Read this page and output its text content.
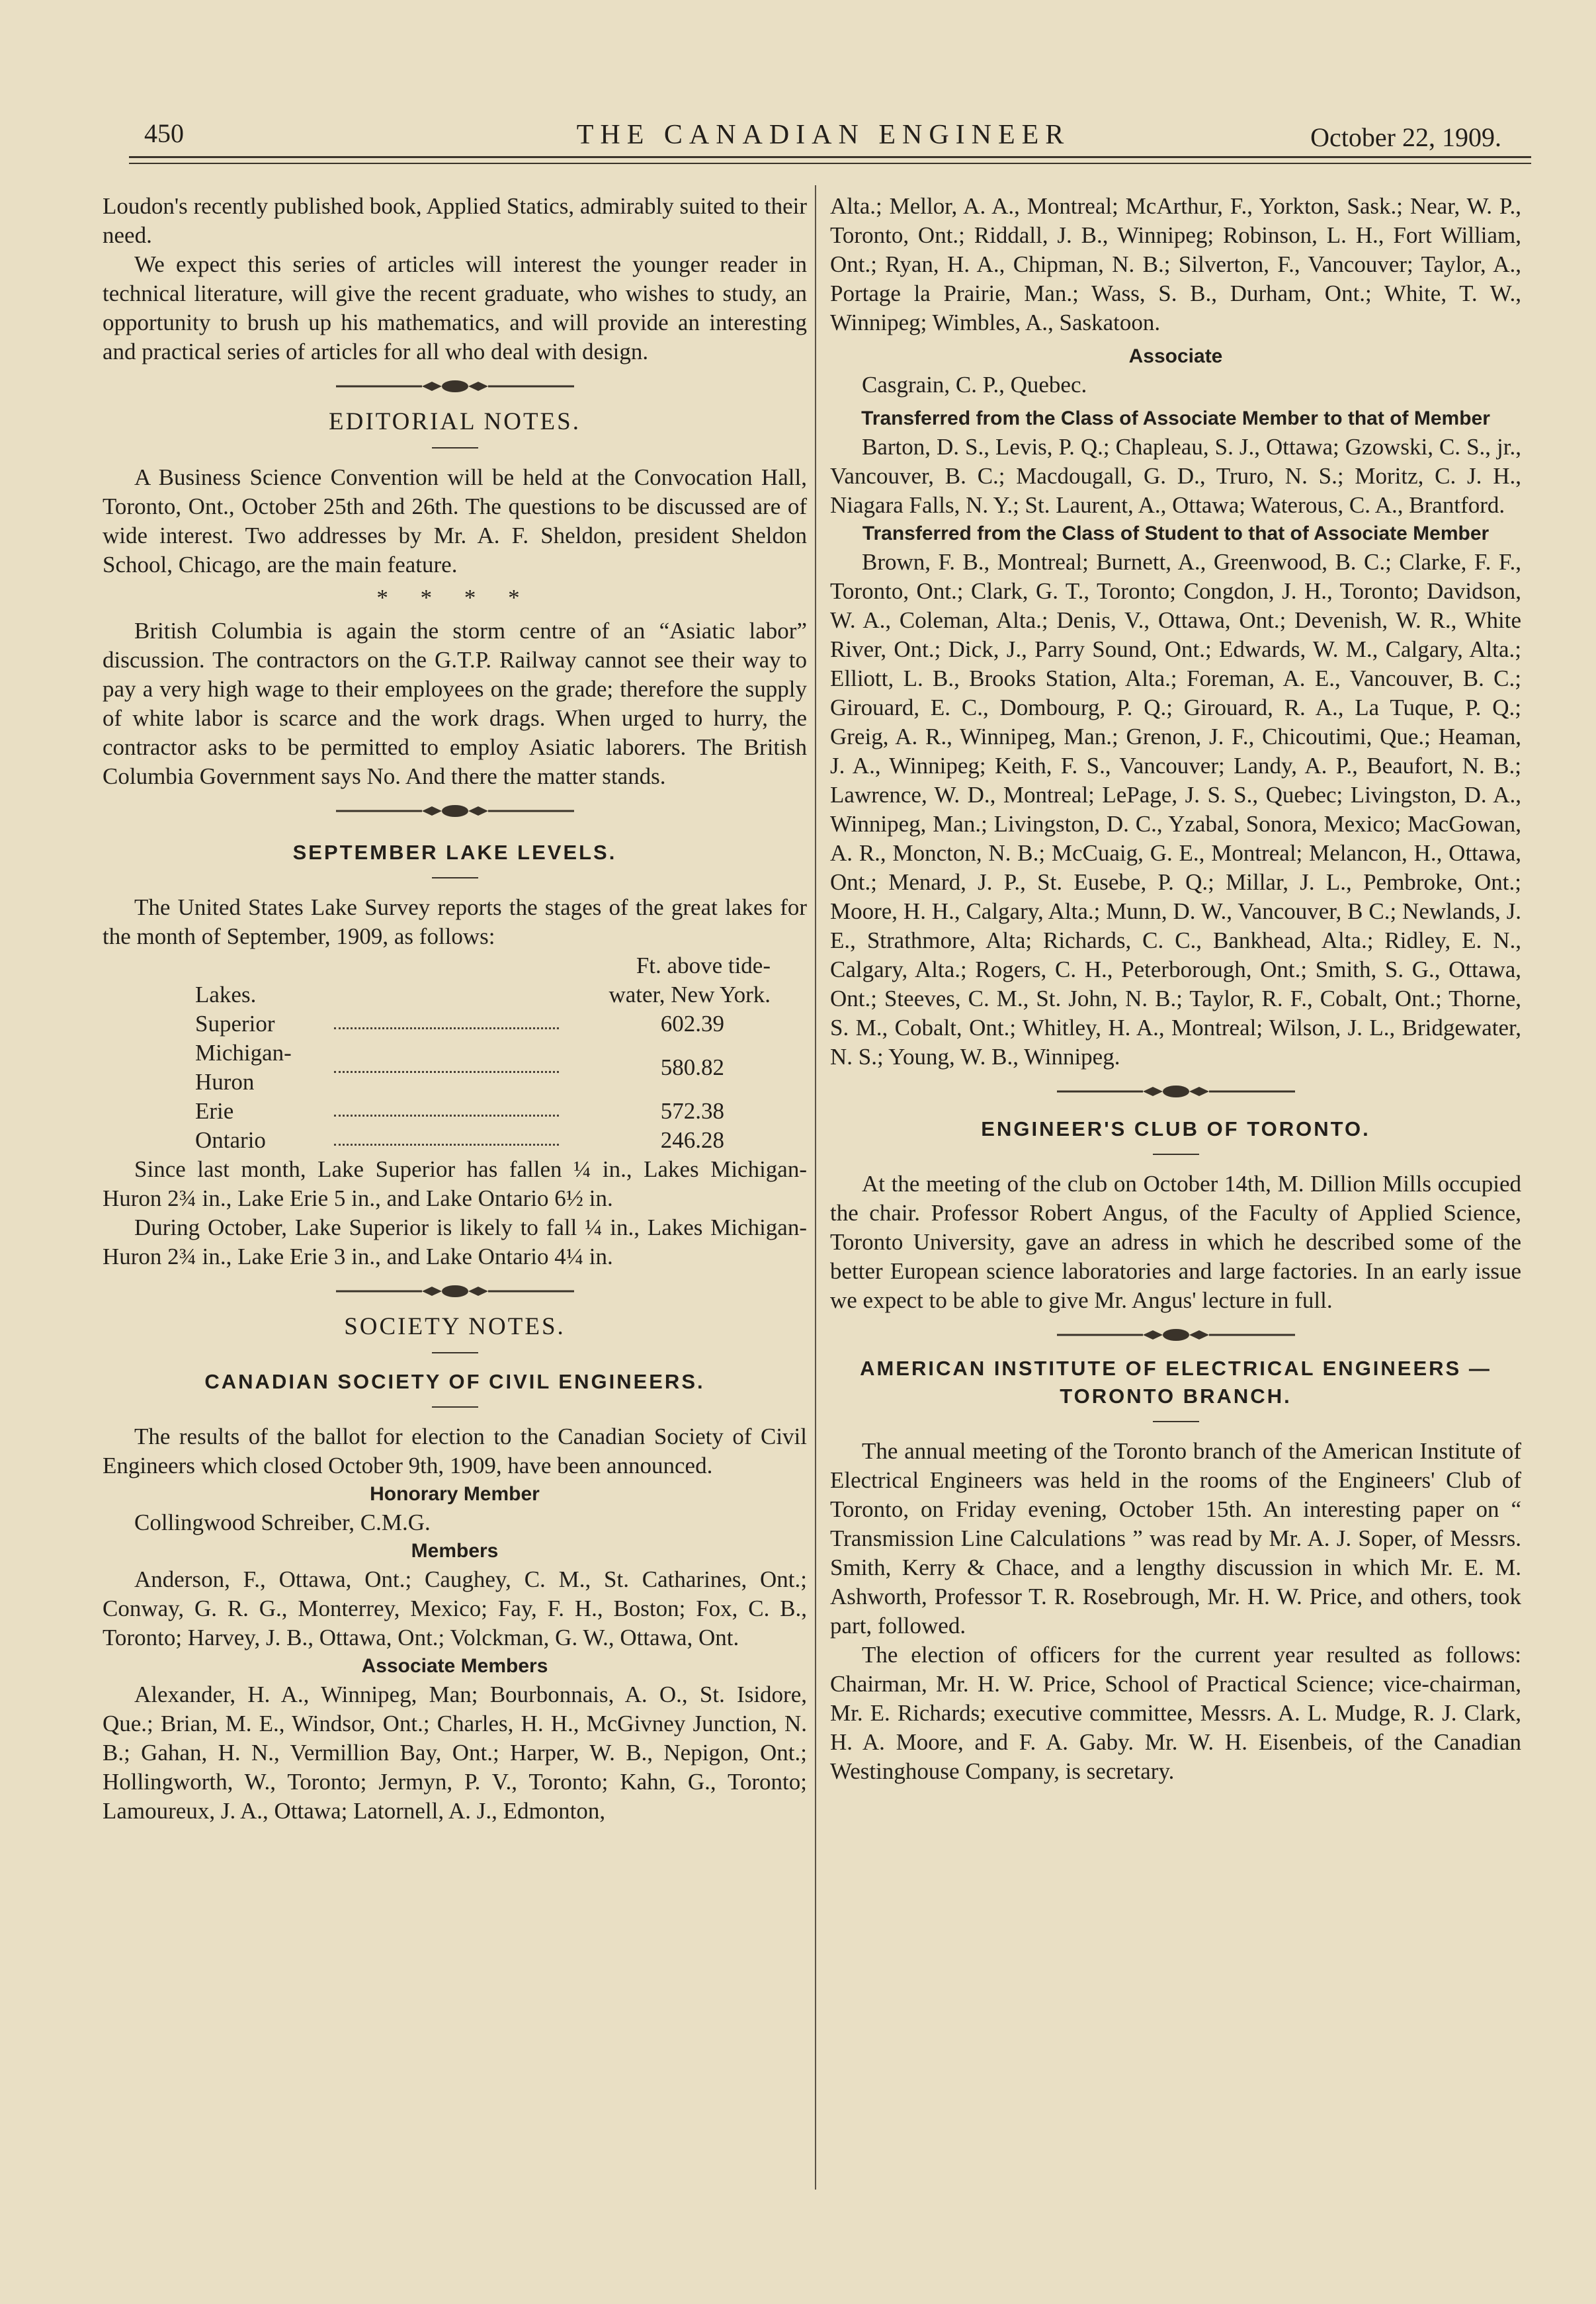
450	THE CANADIAN ENGINEER	October 22, 1909.

Loudon's recently published book, Applied Statics, admirably suited to their need.

We expect this series of articles will interest the younger reader in technical literature, will give the recent graduate, who wishes to study, an opportunity to brush up his mathematics, and will provide an interesting and practical series of articles for all who deal with design.

EDITORIAL NOTES.

A Business Science Convention will be held at the Convocation Hall, Toronto, Ont., October 25th and 26th. The questions to be discussed are of wide interest. Two addresses by Mr. A. F. Sheldon, president Sheldon School, Chicago, are the main feature.

* * * *

British Columbia is again the storm centre of an “Asiatic labor” discussion. The contractors on the G.T.P. Railway cannot see their way to pay a very high wage to their employees on the grade; therefore the supply of white labor is scarce and the work drags. When urged to hurry, the contractor asks to be permitted to employ Asiatic laborers. The British Columbia Government says No. And there the matter stands.

SEPTEMBER LAKE LEVELS.

The United States Lake Survey reports the stages of the great lakes for the month of September, 1909, as follows:

		Ft. above tide-
Lakes.		water, New York.
Superior		602.39
Michigan-Huron		580.82
Erie		572.38
Ontario		246.28

Since last month, Lake Superior has fallen ¼ in., Lakes Michigan-Huron 2¾ in., Lake Erie 5 in., and Lake Ontario 6½ in.

During October, Lake Superior is likely to fall ¼ in., Lakes Michigan-Huron 2¾ in., Lake Erie 3 in., and Lake Ontario 4¼ in.

SOCIETY NOTES.
CANADIAN SOCIETY OF CIVIL ENGINEERS.

The results of the ballot for election to the Canadian Society of Civil Engineers which closed October 9th, 1909, have been announced.

Honorary Member

Collingwood Schreiber, C.M.G.

Members

Anderson, F., Ottawa, Ont.; Caughey, C. M., St. Catharines, Ont.; Conway, G. R. G., Monterrey, Mexico; Fay, F. H., Boston; Fox, C. B., Toronto; Harvey, J. B., Ottawa, Ont.; Volckman, G. W., Ottawa, Ont.

Associate Members

Alexander, H. A., Winnipeg, Man; Bourbonnais, A. O., St. Isidore, Que.; Brian, M. E., Windsor, Ont.; Charles, H. H., McGivney Junction, N. B.; Gahan, H. N., Vermillion Bay, Ont.; Harper, W. B., Nepigon, Ont.; Hollingworth, W., Toronto; Jermyn, P. V., Toronto; Kahn, G., Toronto; Lamoureux, J. A., Ottawa; Latornell, A. J., Edmonton,

Alta.; Mellor, A. A., Montreal; McArthur, F., Yorkton, Sask.; Near, W. P., Toronto, Ont.; Riddall, J. B., Winnipeg; Robinson, L. H., Fort William, Ont.; Ryan, H. A., Chipman, N. B.; Silverton, F., Vancouver; Taylor, A., Portage la Prairie, Man.; Wass, S. B., Durham, Ont.; White, T. W., Winnipeg; Wimbles, A., Saskatoon.

Associate

Casgrain, C. P., Quebec.

Transferred from the Class of Associate Member to that of Member

Barton, D. S., Levis, P. Q.; Chapleau, S. J., Ottawa; Gzowski, C. S., jr., Vancouver, B. C.; Macdougall, G. D., Truro, N. S.; Moritz, C. J. H., Niagara Falls, N. Y.; St. Laurent, A., Ottawa; Waterous, C. A., Brantford.

Transferred from the Class of Student to that of Associate Member

Brown, F. B., Montreal; Burnett, A., Greenwood, B. C.; Clarke, F. F., Toronto, Ont.; Clark, G. T., Toronto; Congdon, J. H., Toronto; Davidson, W. A., Coleman, Alta.; Denis, V., Ottawa, Ont.; Devenish, W. R., White River, Ont.; Dick, J., Parry Sound, Ont.; Edwards, W. M., Calgary, Alta.; Elliott, L. B., Brooks Station, Alta.; Foreman, A. E., Vancouver, B. C.; Girouard, E. C., Dombourg, P. Q.; Girouard, R. A., La Tuque, P. Q.; Greig, A. R., Winnipeg, Man.; Grenon, J. F., Chicoutimi, Que.; Heaman, J. A., Winnipeg; Keith, F. S., Vancouver; Landy, A. P., Beaufort, N. B.; Lawrence, W. D., Montreal; LePage, J. S. S., Quebec; Livingston, D. A., Winnipeg, Man.; Livingston, D. C., Yzabal, Sonora, Mexico; MacGowan, A. R., Moncton, N. B.; McCuaig, G. E., Montreal; Melancon, H., Ottawa, Ont.; Menard, J. P., St. Eusebe, P. Q.; Millar, J. L., Pembroke, Ont.; Moore, H. H., Calgary, Alta.; Munn, D. W., Vancouver, B C.; Newlands, J. E., Strathmore, Alta; Richards, C. C., Bankhead, Alta.; Ridley, E. N., Calgary, Alta.; Rogers, C. H., Peterborough, Ont.; Smith, S. G., Ottawa, Ont.; Steeves, C. M., St. John, N. B.; Taylor, R. F., Cobalt, Ont.; Thorne, S. M., Cobalt, Ont.; Whitley, H. A., Montreal; Wilson, J. L., Bridgewater, N. S.; Young, W. B., Winnipeg.

ENGINEER'S CLUB OF TORONTO.

At the meeting of the club on October 14th, M. Dillion Mills occupied the chair. Professor Robert Angus, of the Faculty of Applied Science, Toronto University, gave an adress in which he described some of the better European science laboratories and large factories. In an early issue we expect to be able to give Mr. Angus' lecture in full.

AMERICAN INSTITUTE OF ELECTRICAL ENGINEERS —TORONTO BRANCH.

The annual meeting of the Toronto branch of the American Institute of Electrical Engineers was held in the rooms of the Engineers' Club of Toronto, on Friday evening, October 15th. An interesting paper on “ Transmission Line Calculations ” was read by Mr. A. J. Soper, of Messrs. Smith, Kerry & Chace, and a lengthy discussion in which Mr. E. M. Ashworth, Professor T. R. Rosebrough, Mr. H. W. Price, and others, took part, followed.

The election of officers for the current year resulted as follows: Chairman, Mr. H. W. Price, School of Practical Science; vice-chairman, Mr. E. Richards; executive committee, Messrs. A. L. Mudge, R. J. Clark, H. A. Moore, and F. A. Gaby. Mr. W. H. Eisenbeis, of the Canadian Westinghouse Company, is secretary.
